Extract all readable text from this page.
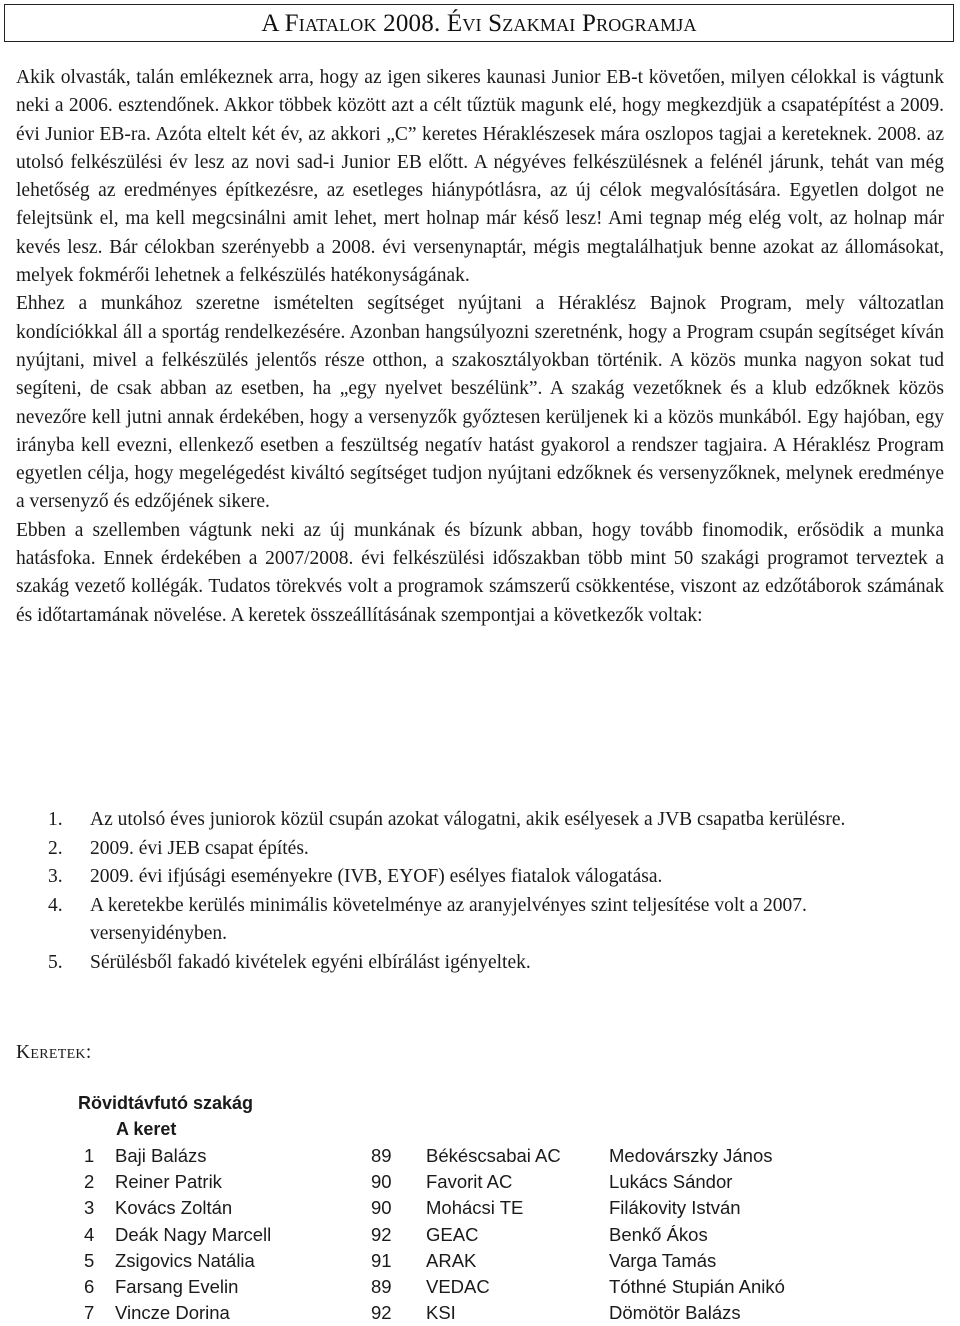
A Fiatalok 2008. Évi Szakmai Programja

Akik olvasták, talán emlékeznek arra, hogy az igen sikeres kaunasi Junior EB-t követően, milyen célokkal is vágtunk neki a 2006. esztendőnek. Akkor többek között azt a célt tűztük magunk elé, hogy megkezdjük a csapatépítést a 2009. évi Junior EB-ra. Azóta eltelt két év, az akkori „C” keretes Héraklészesek mára oszlopos tagjai a kereteknek. 2008. az utolsó felkészülési év lesz az novi sad-i Junior EB előtt. A négyéves felkészülésnek a felénél járunk, tehát van még lehetőség az eredményes építkezésre, az esetleges hiánypótlásra, az új célok megvalósítására. Egyetlen dolgot ne felejtsünk el, ma kell megcsinálni amit lehet, mert holnap már késő lesz! Ami tegnap még elég volt, az holnap már kevés lesz. Bár célokban szerényebb a 2008. évi versenynaptár, mégis megtalálhatjuk benne azokat az állomásokat, melyek fokmérői lehetnek a felkészülés hatékonyságának.

Ehhez a munkához szeretne ismételten segítséget nyújtani a Héraklész Bajnok Program, mely változatlan kondíciókkal áll a sportág rendelkezésére. Azonban hangsúlyozni szeretnénk, hogy a Program csupán segítséget kíván nyújtani, mivel a felkészülés jelentős része otthon, a szakosztályokban történik. A közös munka nagyon sokat tud segíteni, de csak abban az esetben, ha „egy nyelvet beszélünk”. A szakág vezetőknek és a klub edzőknek közös nevezőre kell jutni annak érdekében, hogy a versenyzők győztesen kerüljenek ki a közös munkából. Egy hajóban, egy irányba kell evezni, ellenkező esetben a feszültség negatív hatást gyakorol a rendszer tagjaira. A Héraklész Program egyetlen célja, hogy megelégedést kiváltó segítséget tudjon nyújtani edzőknek és versenyzőknek, melynek eredménye a versenyző és edzőjének sikere.

Ebben a szellemben vágtunk neki az új munkának és bízunk abban, hogy tovább finomodik, erősödik a munka hatásfoka. Ennek érdekében a 2007/2008. évi felkészülési időszakban több mint 50 szakági programot terveztek a szakág vezető kollégák. Tudatos törekvés volt a programok számszerű csökkentése, viszont az edzőtáborok számának és időtartamának növelése. A keretek összeállításának szempontjai a következők voltak:

1. Az utolsó éves juniorok közül csupán azokat válogatni, akik esélyesek a JVB csapatba kerülésre.
2. 2009. évi JEB csapat építés.
3. 2009. évi ifjúsági eseményekre (IVB, EYOF) esélyes fiatalok válogatása.
4. A keretekbe kerülés minimális követelménye az aranyjelvényes szint teljesítése volt a 2007. versenyidényben.
5. Sérülésből fakadó kivételek egyéni elbírálást igényeltek.
Keretek:
Rövidtávfutó szakág
A keret
1 Baji Balázs	89 Békéscsabai AC	Medovárszky János
2 Reiner Patrik	90 Favorit AC	Lukács Sándor
3 Kovács Zoltán	90 Mohácsi TE	Filákovity István
4 Deák Nagy Marcell	92 GEAC	Benkő Ákos
5 Zsigovics Natália	91 ARAK	Varga Tamás
6 Farsang Evelin	89 VEDAC	Tóthné Stupián Anikó
7 Vincze Dorina	92 KSI	Dömötör Balázs
